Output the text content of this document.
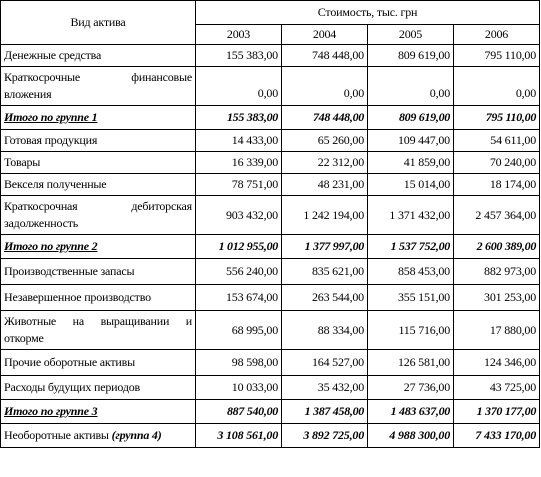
Вид актива	Стоимость, тыс. грн			
	2003	2004	2005	2006
Денежные средства	155 383,00	748 448,00	809 619,00	795 110,00
Краткосрочные финансовые вложения	0,00	0,00	0,00	0,00
Итого по группе 1	155 383,00	748 448,00	809 619,00	795 110,00
Готовая продукция	14 433,00	65 260,00	109 447,00	54 611,00
Товары	16 339,00	22 312,00	41 859,00	70 240,00
Векселя полученные	78 751,00	48 231,00	15 014,00	18 174,00
Краткосрочная дебиторская задолженность	903 432,00	1 242 194,00	1 371 432,00	2 457 364,00
Итого по группе 2	1 012 955,00	1 377 997,00	1 537 752,00	2 600 389,00
Производственные запасы	556 240,00	835 621,00	858 453,00	882 973,00
Незавершенное производство	153 674,00	263 544,00	355 151,00	301 253,00
Животные на выращивании и откорме	68 995,00	88 334,00	115 716,00	17 880,00
Прочие оборотные активы	98 598,00	164 527,00	126 581,00	124 346,00
Расходы будущих периодов	10 033,00	35 432,00	27 736,00	43 725,00
Итого по группе 3	887 540,00	1 387 458,00	1 483 637,00	1 370 177,00
Необоротные активы (группа 4)	3 108 561,00	3 892 725,00	4 988 300,00	7 433 170,00
